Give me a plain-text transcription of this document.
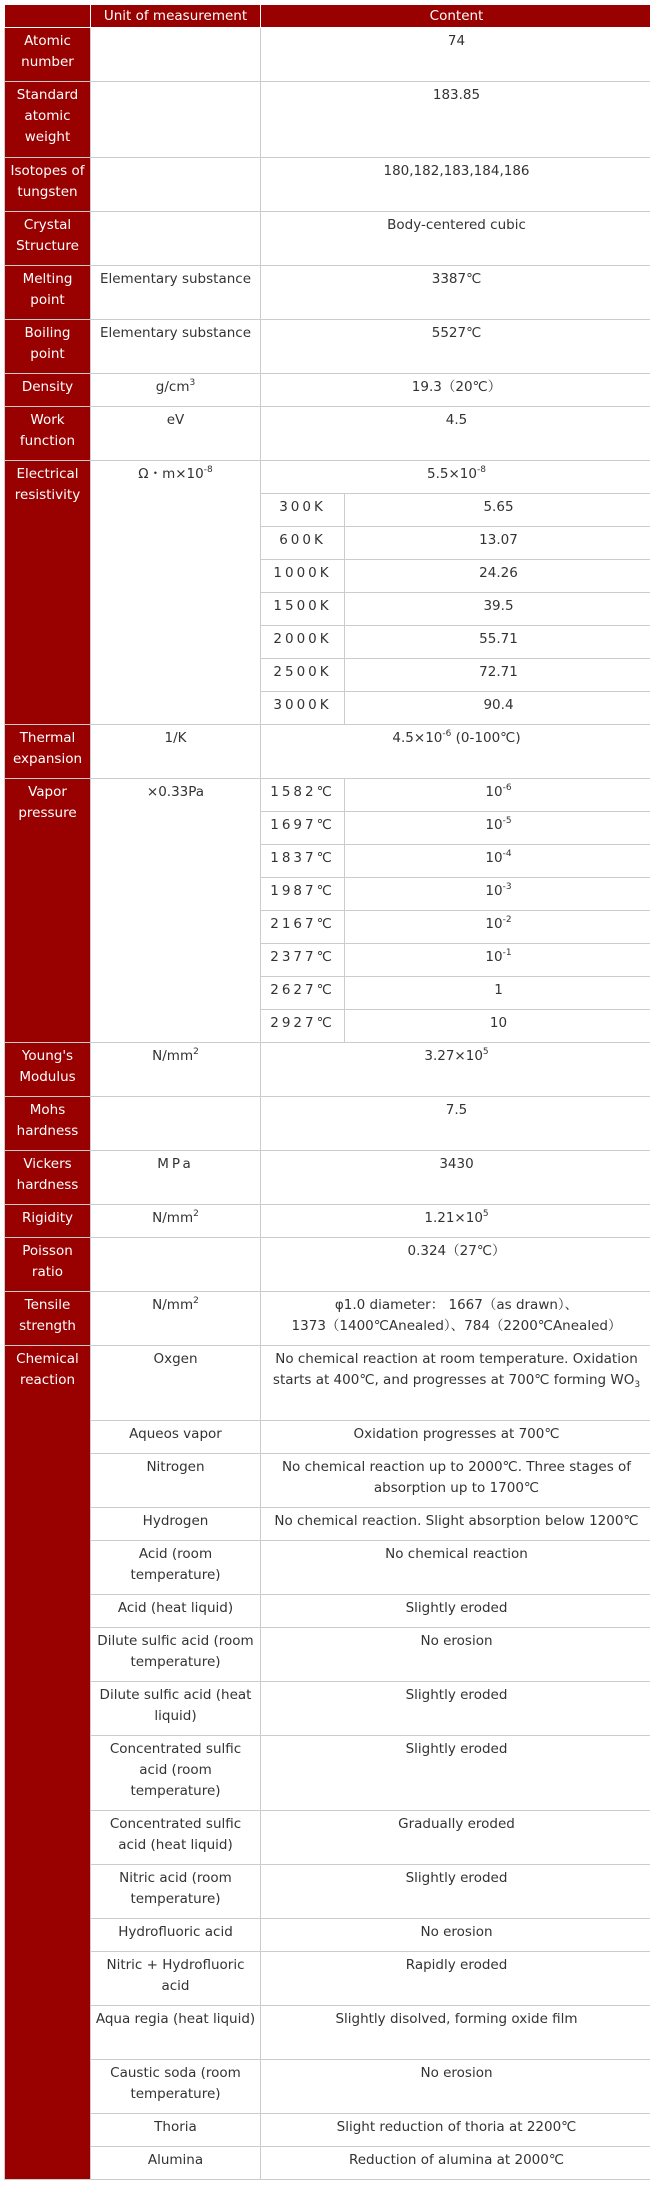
	Unit of measurement	Content	
Atomic number		74	
Standard atomic weight		183.85	
Isotopes of tungsten		180,182,183,184,186	
Crystal Structure		Body-centered cubic	
Melting point	Elementary substance	3387℃	
Boiling point	Elementary substance	5527℃	
Density	$g/cm^3$	19.3（20℃）	
Work function	eV	4.5	
Electrical resistivity	Ω・$m\times 10^{-8}$	$5.5\times 10^{-8}$
		300K	5.65
		600K	13.07
		1000K	24.26
		1500K	39.5
		2000K	55.71
		2500K	72.71
		3000K	90.4
Thermal expansion	1/K	$4.5\times 10^{-6}$ (0-100℃)	
Vapor pressure	×0.33Pa	1582℃	$10^{-6}$
		1697℃	$10^{-5}$
		1837℃	$10^{-4}$
		1987℃	$10^{-3}$
		2167℃	$10^{-2}$
		2377℃	$10^{-1}$
		2627℃	1
		2927℃	10
Young's Modulus	$N/mm^2$	$3.27\times 10^5$
Mohs hardness		7.5	
Vickers hardness	MPa	3430	
Rigidity	$N/mm^2$	$1.21\times 10^5$
Poisson ratio		0.324（27℃）	
Tensile strength	$N/mm^2$	φ1.0 diameter： 1667（as drawn）、
1373（1400℃Anealed）、784（2200℃Anealed）	

Chemical reaction	Oxgen	No chemical reaction at room temperature. Oxidation starts at 400℃, and progresses at 700℃ forming $WO_3$
	Aqueos vapor	Oxidation progresses at 700℃	
	Nitrogen	No chemical reaction up to 2000℃. Three stages of absorption up to 1700℃	
	Hydrogen	No chemical reaction. Slight absorption below 1200℃	
	Acid (room temperature)	No chemical reaction	
	Acid (heat liquid)	Slightly eroded	
	Dilute sulfic acid (room temperature)	No erosion	
	Dilute sulfic acid (heat liquid)	Slightly eroded	
	Concentrated sulfic acid (room temperature)	Slightly eroded	
	Concentrated sulfic acid (heat liquid)	Gradually eroded	
	Nitric acid (room temperature)	Slightly eroded	
	Hydrofluoric acid	No erosion	
	Nitric + Hydrofluoric acid	Rapidly eroded	
	Aqua regia (heat liquid)	Slightly disolved, forming oxide film	
	Caustic soda (room temperature)	No erosion	
	Thoria	Slight reduction of thoria at 2200℃	
	Alumina	Reduction of alumina at 2000℃	
